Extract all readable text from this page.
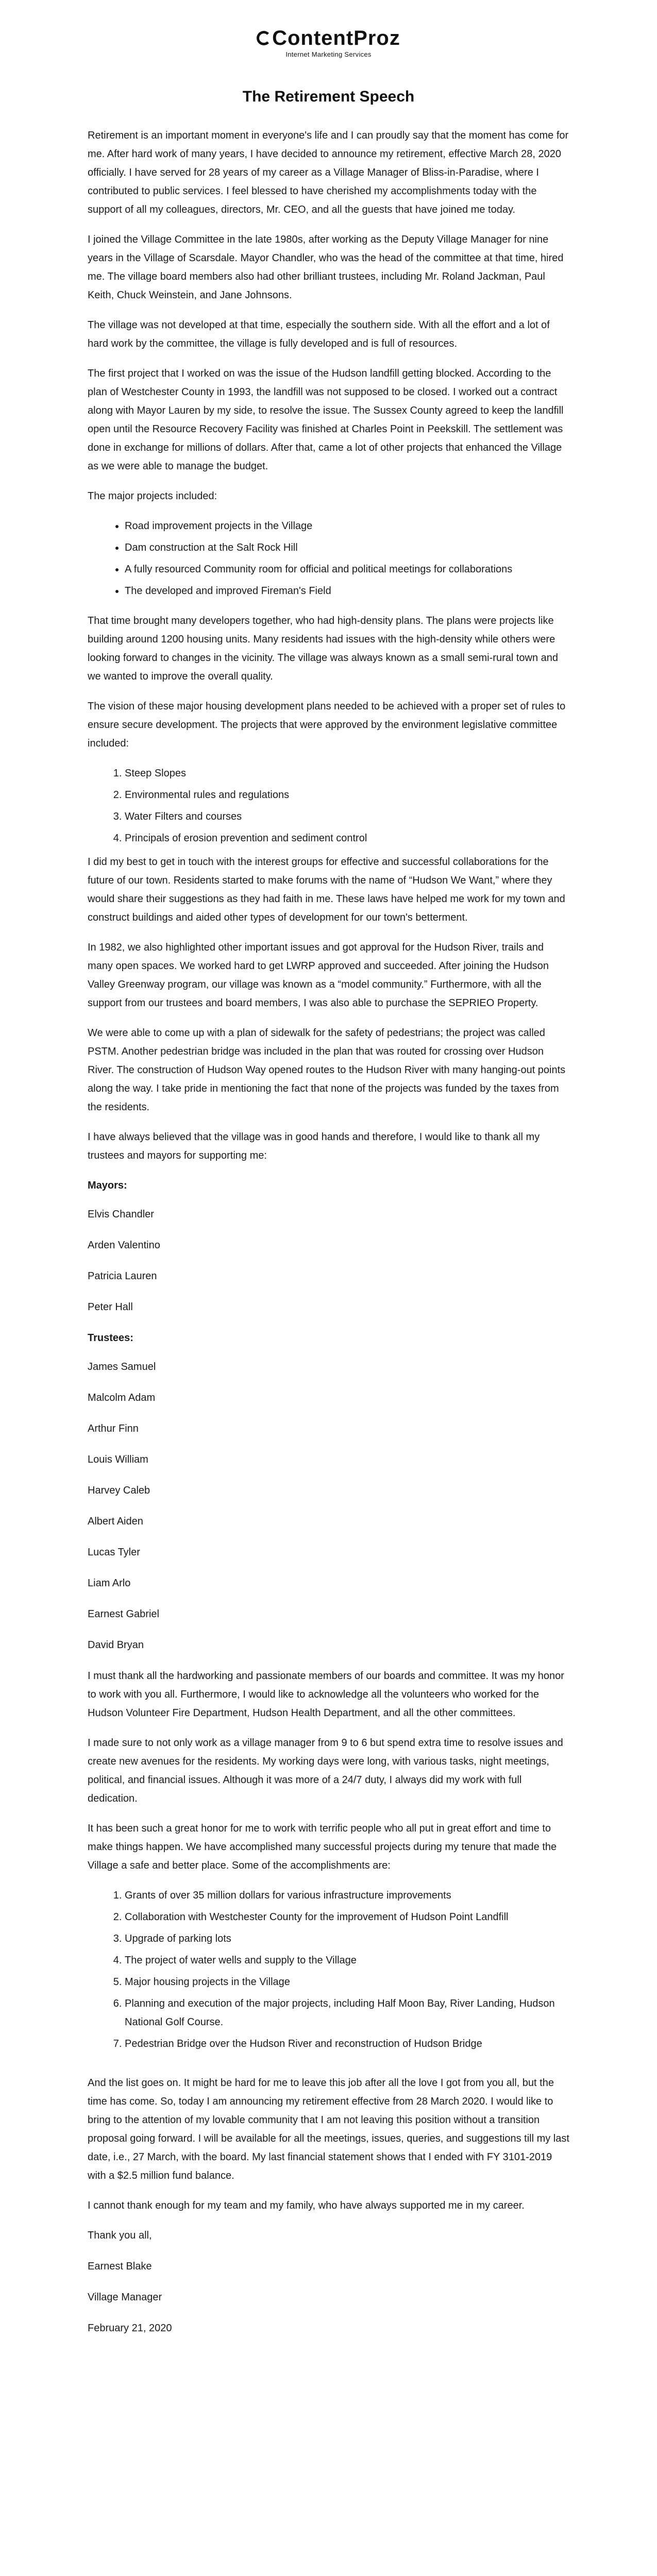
ContentProz
Internet Marketing Services
The Retirement Speech

Retirement is an important moment in everyone's life and I can proudly say that the moment has come for me. After hard work of many years, I have decided to announce my retirement, effective March 28, 2020 officially. I have served for 28 years of my career as a Village Manager of Bliss-in-Paradise, where I contributed to public services. I feel blessed to have cherished my accomplishments today with the support of all my colleagues, directors, Mr. CEO, and all the guests that have joined me today.

I joined the Village Committee in the late 1980s, after working as the Deputy Village Manager for nine years in the Village of Scarsdale. Mayor Chandler, who was the head of the committee at that time, hired me. The village board members also had other brilliant trustees, including Mr. Roland Jackman, Paul Keith, Chuck Weinstein, and Jane Johnsons.

The village was not developed at that time, especially the southern side. With all the effort and a lot of hard work by the committee, the village is fully developed and is full of resources.

The first project that I worked on was the issue of the Hudson landfill getting blocked. According to the plan of Westchester County in 1993, the landfill was not supposed to be closed. I worked out a contract along with Mayor Lauren by my side, to resolve the issue. The Sussex County agreed to keep the landfill open until the Resource Recovery Facility was finished at Charles Point in Peekskill. The settlement was done in exchange for millions of dollars. After that, came a lot of other projects that enhanced the Village as we were able to manage the budget.

The major projects included:

• Road improvement projects in the Village
• Dam construction at the Salt Rock Hill
• A fully resourced Community room for official and political meetings for collaborations
• The developed and improved Fireman's Field

That time brought many developers together, who had high-density plans. The plans were projects like building around 1200 housing units. Many residents had issues with the high-density while others were looking forward to changes in the vicinity. The village was always known as a small semi-rural town and we wanted to improve the overall quality.

The vision of these major housing development plans needed to be achieved with a proper set of rules to ensure secure development. The projects that were approved by the environment legislative committee included:

1. Steep Slopes
2. Environmental rules and regulations
3. Water Filters and courses
4. Principals of erosion prevention and sediment control

I did my best to get in touch with the interest groups for effective and successful collaborations for the future of our town. Residents started to make forums with the name of “Hudson We Want,” where they would share their suggestions as they had faith in me. These laws have helped me work for my town and construct buildings and aided other types of development for our town's betterment.

In 1982, we also highlighted other important issues and got approval for the Hudson River, trails and many open spaces. We worked hard to get LWRP approved and succeeded. After joining the Hudson Valley Greenway program, our village was known as a “model community.” Furthermore, with all the support from our trustees and board members, I was also able to purchase the SEPRIEO Property.

We were able to come up with a plan of sidewalk for the safety of pedestrians; the project was called PSTM. Another pedestrian bridge was included in the plan that was routed for crossing over Hudson River. The construction of Hudson Way opened routes to the Hudson River with many hanging-out points along the way. I take pride in mentioning the fact that none of the projects was funded by the taxes from the residents.

I have always believed that the village was in good hands and therefore, I would like to thank all my trustees and mayors for supporting me:

Mayors:

Elvis Chandler

Arden Valentino

Patricia Lauren

Peter Hall

Trustees:

James Samuel

Malcolm Adam

Arthur Finn

Louis William

Harvey Caleb

Albert Aiden

Lucas Tyler

Liam Arlo

Earnest Gabriel

David Bryan

I must thank all the hardworking and passionate members of our boards and committee. It was my honor to work with you all. Furthermore, I would like to acknowledge all the volunteers who worked for the Hudson Volunteer Fire Department, Hudson Health Department, and all the other committees.

I made sure to not only work as a village manager from 9 to 6 but spend extra time to resolve issues and create new avenues for the residents. My working days were long, with various tasks, night meetings, political, and financial issues. Although it was more of a 24/7 duty, I always did my work with full dedication.

It has been such a great honor for me to work with terrific people who all put in great effort and time to make things happen. We have accomplished many successful projects during my tenure that made the Village a safe and better place. Some of the accomplishments are:

1. Grants of over 35 million dollars for various infrastructure improvements
2. Collaboration with Westchester County for the improvement of Hudson Point Landfill
3. Upgrade of parking lots
4. The project of water wells and supply to the Village
5. Major housing projects in the Village
6. Planning and execution of the major projects, including Half Moon Bay, River Landing, Hudson National Golf Course.
7. Pedestrian Bridge over the Hudson River and reconstruction of Hudson Bridge

And the list goes on. It might be hard for me to leave this job after all the love I got from you all, but the time has come. So, today I am announcing my retirement effective from 28 March 2020. I would like to bring to the attention of my lovable community that I am not leaving this position without a transition proposal going forward. I will be available for all the meetings, issues, queries, and suggestions till my last date, i.e., 27 March, with the board. My last financial statement shows that I ended with FY 3101-2019 with a $2.5 million fund balance.

I cannot thank enough for my team and my family, who have always supported me in my career.

Thank you all,

Earnest Blake

Village Manager

February 21, 2020
